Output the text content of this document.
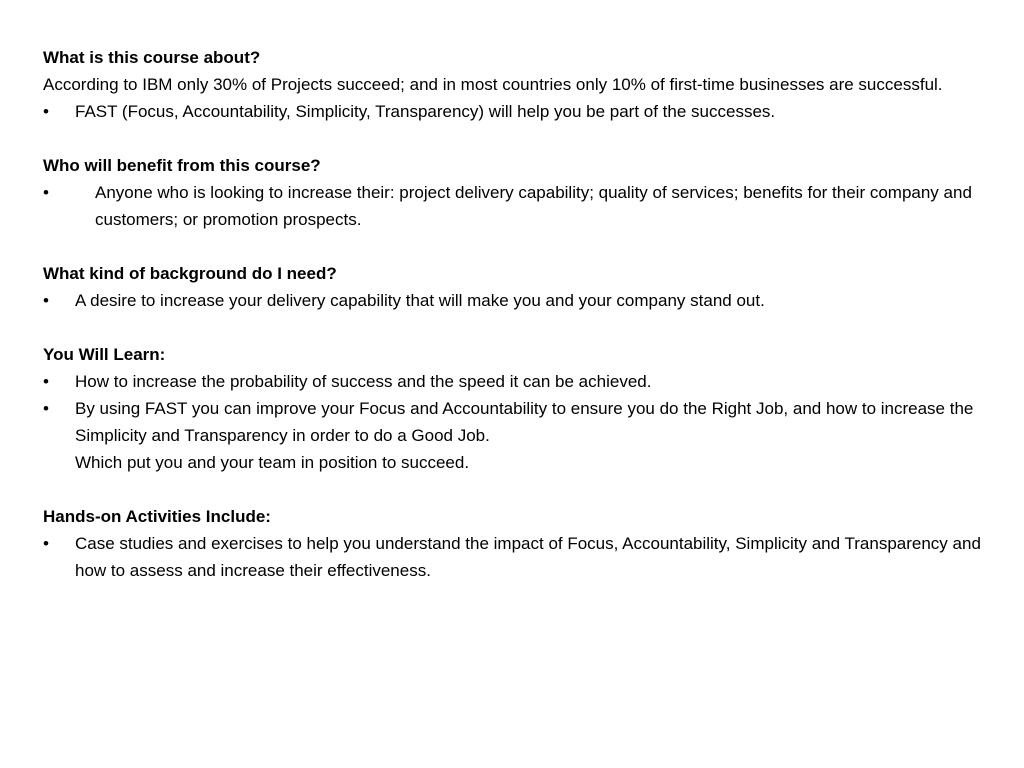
What is this course about?

According to IBM only 30% of Projects succeed; and in most countries only 10% of first-time businesses are successful.

•	FAST (Focus, Accountability, Simplicity, Transparency) will help you be part of the successes.

Who will benefit from this course?

•	Anyone who is looking to increase their: project delivery capability; quality of services; benefits for their company and customers; or promotion prospects.

What kind of background do I need?

•	A desire to increase your delivery capability that will make you and your company stand out.

You Will Learn:

•	How to increase the probability of success and the speed it can be achieved.
•	By using FAST you can improve your Focus and Accountability to ensure you do the Right Job, and how to increase the Simplicity and Transparency in order to do a Good Job.
Which put you and your team in position to succeed.

Hands-on Activities Include:

•	Case studies and exercises to help you understand the impact of Focus, Accountability, Simplicity and Transparency and how to assess and increase their effectiveness.
